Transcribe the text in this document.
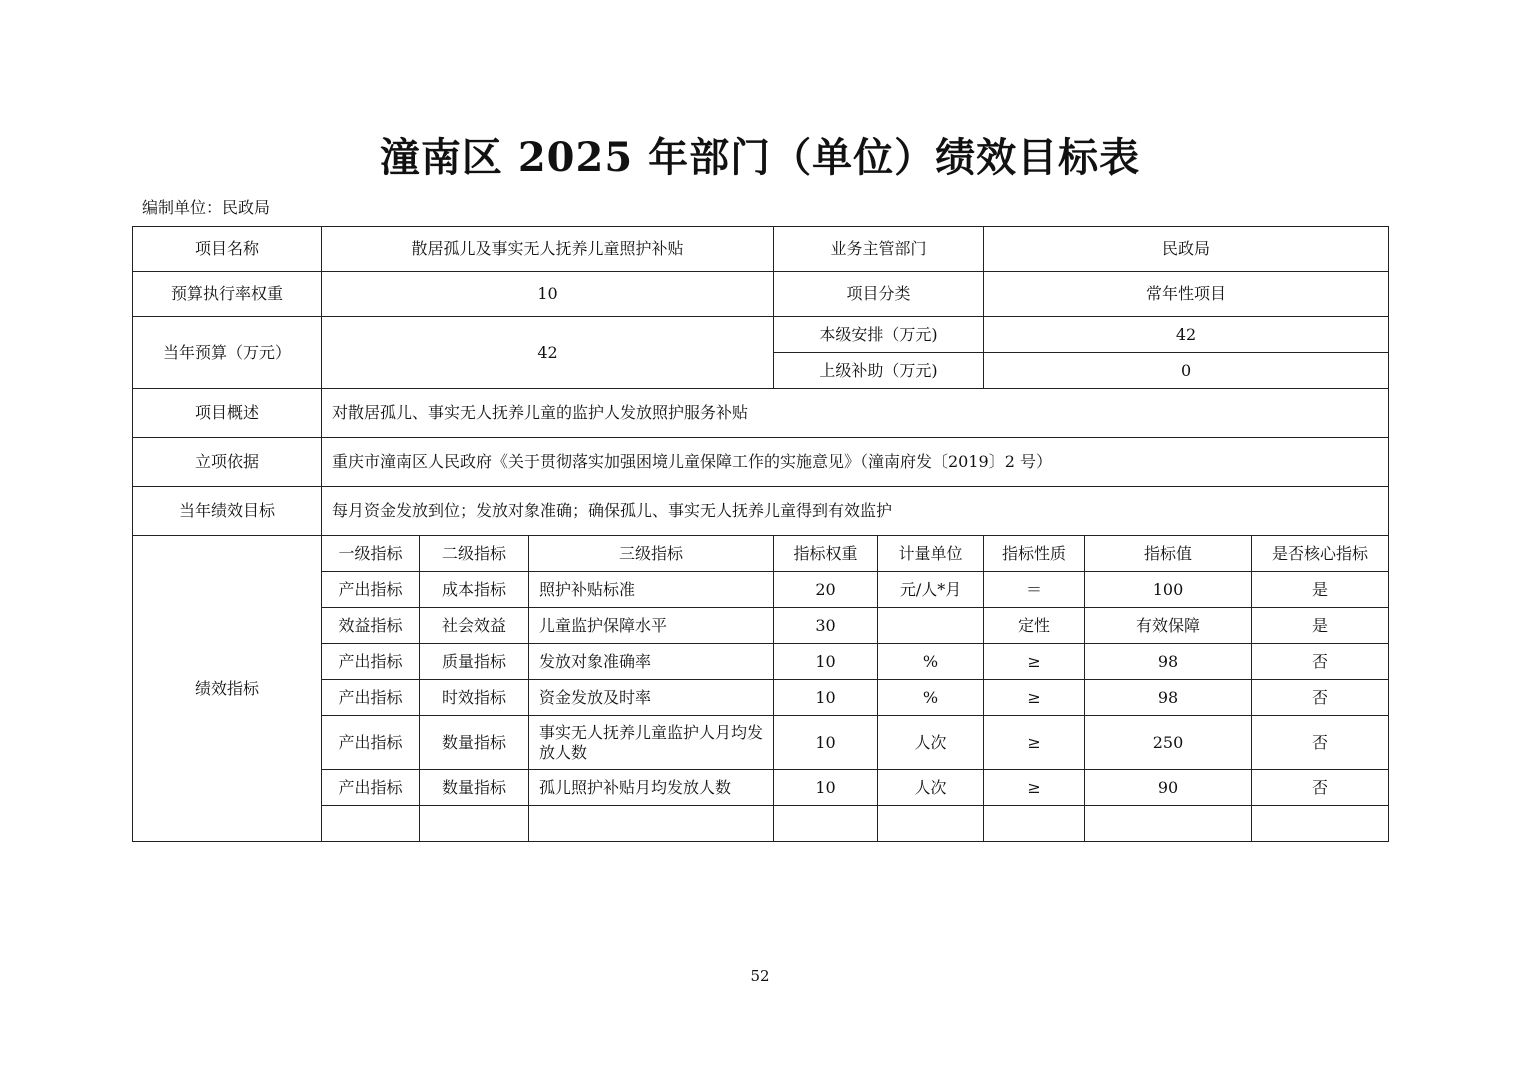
潼南区 2025 年部门（单位）绩效目标表
编制单位：民政局
项目名称	散居孤儿及事实无人抚养儿童照护补贴			业务主管部门		民政局		
预算执行率权重	10			项目分类		常年性项目		
当年预算（万元）	42			本级安排（万元)		42		
				上级补助（万元)		0		
项目概述	对散居孤儿、事实无人抚养儿童的监护人发放照护服务补贴							
立项依据	重庆市潼南区人民政府《关于贯彻落实加强困境儿童保障工作的实施意见》（潼南府发〔2019〕2 号）							
当年绩效目标	每月资金发放到位；发放对象准确；确保孤儿、事实无人抚养儿童得到有效监护							
绩效指标	一级指标	二级指标	三级指标	指标权重	计量单位	指标性质	指标值	是否核心指标
	产出指标	成本指标	照护补贴标准	20	元/人*月	＝	100	是
	效益指标	社会效益	儿童监护保障水平	30		定性	有效保障	是
	产出指标	质量指标	发放对象准确率	10	%	≥	98	否
	产出指标	时效指标	资金发放及时率	10	%	≥	98	否
	产出指标	数量指标	事实无人抚养儿童监护人月均发放人数	10	人次	≥	250	否
	产出指标	数量指标	孤儿照护补贴月均发放人数	10	人次	≥	90	否

52
